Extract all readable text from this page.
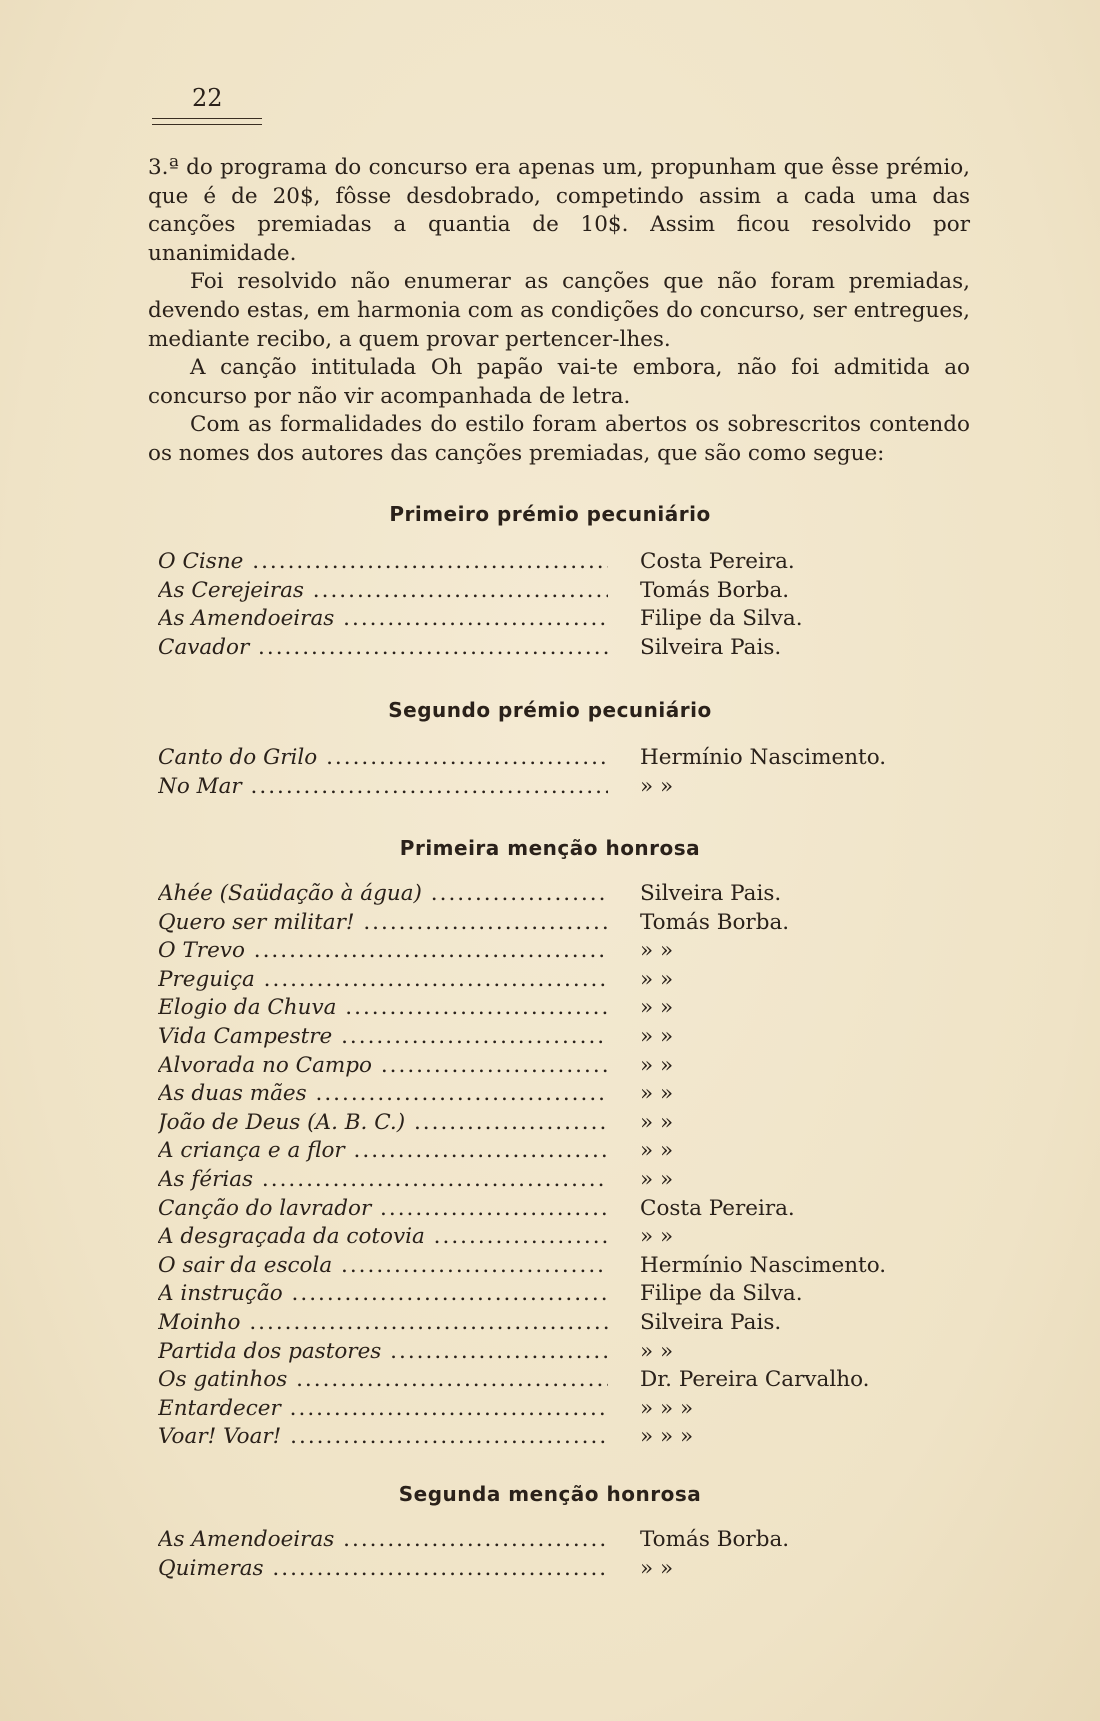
22

3.ª do programa do concurso era apenas um, propunham que êsse prémio, que é de 20$, fôsse desdobrado, competindo assim a cada uma das canções premiadas a quantia de 10$. Assim ficou resolvido por unanimidade.

Foi resolvido não enumerar as canções que não foram premiadas, devendo estas, em harmonia com as condições do concurso, ser entregues, mediante recibo, a quem provar pertencer-lhes.

A canção intitulada Oh papão vai-te embora, não foi admitida ao concurso por não vir acompanhada de letra.

Com as formalidades do estilo foram abertos os sobrescritos contendo os nomes dos autores das canções premiadas, que são como segue:

Primeiro prémio pecuniário
O Cisne .....	Costa Pereira.
As Cerejeiras .....	Tomás Borba.
As Amendoeiras .....	Filipe da Silva.
Cavador .....	Silveira Pais.
Segundo prémio pecuniário
Canto do Grilo .....	Hermínio Nascimento.
No Mar .....	» »
Primeira menção honrosa
Ahée (Saüdação à água) .....	Silveira Pais.
Quero ser militar! .....	Tomás Borba.
O Trevo .....	» »
Preguiça .....	» »
Elogio da Chuva .....	» »
Vida Campestre .....	» »
Alvorada no Campo .....	» »
As duas mães .....	» »
João de Deus (A. B. C.) .....	» »
A criança e a flor .....	» »
As férias .....	» »
Canção do lavrador .....	Costa Pereira.
A desgraçada da cotovia .....	» »
O sair da escola .....	Hermínio Nascimento.
A instrução .....	Filipe da Silva.
Moinho .....	Silveira Pais.
Partida dos pastores .....	» »
Os gatinhos .....	Dr. Pereira Carvalho.
Entardecer .....	» » »
Voar! Voar! .....	» » »
Segunda menção honrosa
As Amendoeiras .....	Tomás Borba.
Quimeras .....	» »
